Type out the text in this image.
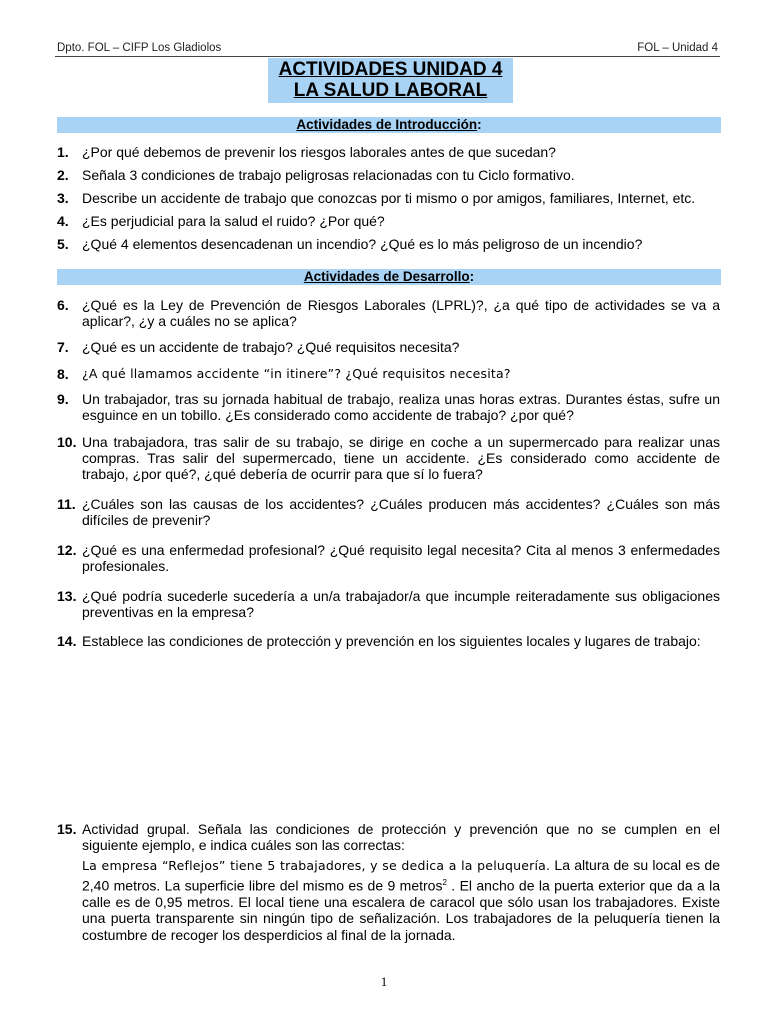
Dpto. FOL – CIFP Los Gladiolos	FOL – Unidad 4
ACTIVIDADES UNIDAD 4
LA SALUD LABORAL
Actividades de Introducción:
1. ¿Por qué debemos de prevenir los riesgos laborales antes de que sucedan?
2. Señala 3 condiciones de trabajo peligrosas relacionadas con tu Ciclo formativo.
3. Describe un accidente de trabajo que conozcas por ti mismo o por amigos, familiares, Internet, etc.
4. ¿Es perjudicial para la salud el ruido? ¿Por qué?
5. ¿Qué 4 elementos desencadenan un incendio? ¿Qué es lo más peligroso de un incendio?
Actividades de Desarrollo:
6. ¿Qué es la Ley de Prevención de Riesgos Laborales (LPRL)?, ¿a qué tipo de actividades se va a aplicar?, ¿y a cuáles no se aplica?
7. ¿Qué es un accidente de trabajo? ¿Qué requisitos necesita?
8. ¿A qué llamamos accidente “in itinere”? ¿Qué requisitos necesita?
9. Un trabajador, tras su jornada habitual de trabajo, realiza unas horas extras. Durantes éstas, sufre un esguince en un tobillo. ¿Es considerado como accidente de trabajo? ¿por qué?
10. Una trabajadora, tras salir de su trabajo, se dirige en coche a un supermercado para realizar unas compras. Tras salir del supermercado, tiene un accidente. ¿Es considerado como accidente de trabajo, ¿por qué?, ¿qué debería de ocurrir para que sí lo fuera?
11. ¿Cuáles son las causas de los accidentes? ¿Cuáles producen más accidentes? ¿Cuáles son más difíciles de prevenir?
12. ¿Qué es una enfermedad profesional? ¿Qué requisito legal necesita? Cita al menos 3 enfermedades profesionales.
13. ¿Qué podría sucederle sucedería a un/a trabajador/a que incumple reiteradamente sus obligaciones preventivas en la empresa?
14. Establece las condiciones de protección y prevención en los siguientes locales y lugares de trabajo:
15. Actividad grupal. Señala las condiciones de protección y prevención que no se cumplen en el siguiente ejemplo, e indica cuáles son las correctas:
La empresa “Reflejos” tiene 5 trabajadores, y se dedica a la peluquería. La altura de su local es de 2,40 metros. La superficie libre del mismo es de 9 metros$^2$ . El ancho de la puerta exterior que da a la calle es de 0,95 metros. El local tiene una escalera de caracol que sólo usan los trabajadores. Existe una puerta transparente sin ningún tipo de señalización. Los trabajadores de la peluquería tienen la costumbre de recoger los desperdicios al final de la jornada.
1
